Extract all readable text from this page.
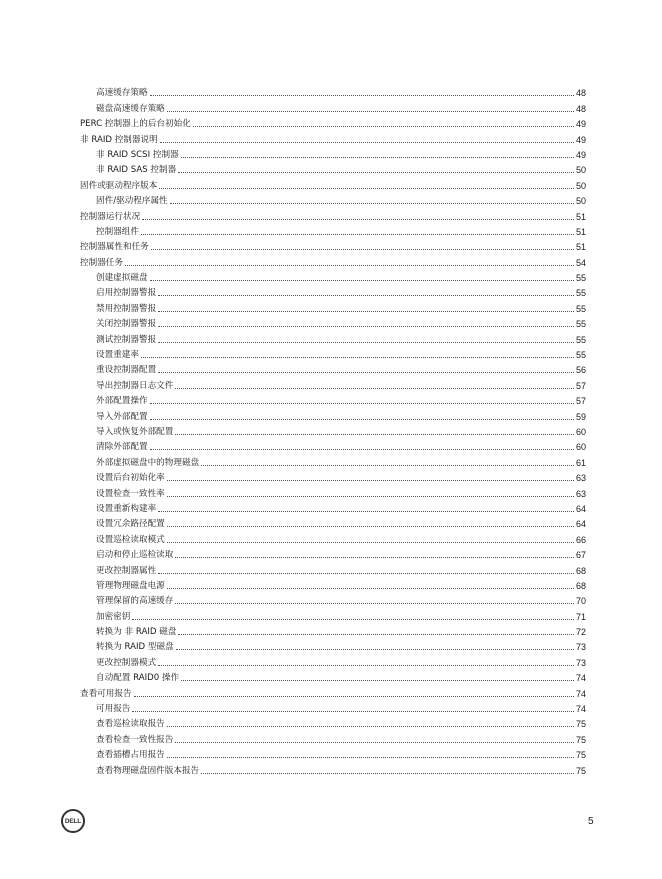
高速缓存策略	48
磁盘高速缓存策略	48
PERC 控制器上的后台初始化	49
非 RAID 控制器说明	49
非 RAID SCSI 控制器	49
非 RAID SAS 控制器	50
固件或驱动程序版本	50
固件/驱动程序属性	50
控制器运行状况	51
控制器组件	51
控制器属性和任务	51
控制器任务	54
创建虚拟磁盘	55
启用控制器警报	55
禁用控制器警报	55
关闭控制器警报	55
测试控制器警报	55
设置重建率	55
重设控制器配置	56
导出控制器日志文件	57
外部配置操作	57
导入外部配置	59
导入或恢复外部配置	60
清除外部配置	60
外部虚拟磁盘中的物理磁盘	61
设置后台初始化率	63
设置检查一致性率	63
设置重新构建率	64
设置冗余路径配置	64
设置巡检读取模式	66
启动和停止巡检读取	67
更改控制器属性	68
管理物理磁盘电源	68
管理保留的高速缓存	70
加密密钥	71
转换为 非 RAID 磁盘	72
转换为 RAID 型磁盘	73
更改控制器模式	73
自动配置 RAID0 操作	74
查看可用报告	74
可用报告	74
查看巡检读取报告	75
查看检查一致性报告	75
查看插槽占用报告	75
查看物理磁盘固件版本报告	75
DELL	5
